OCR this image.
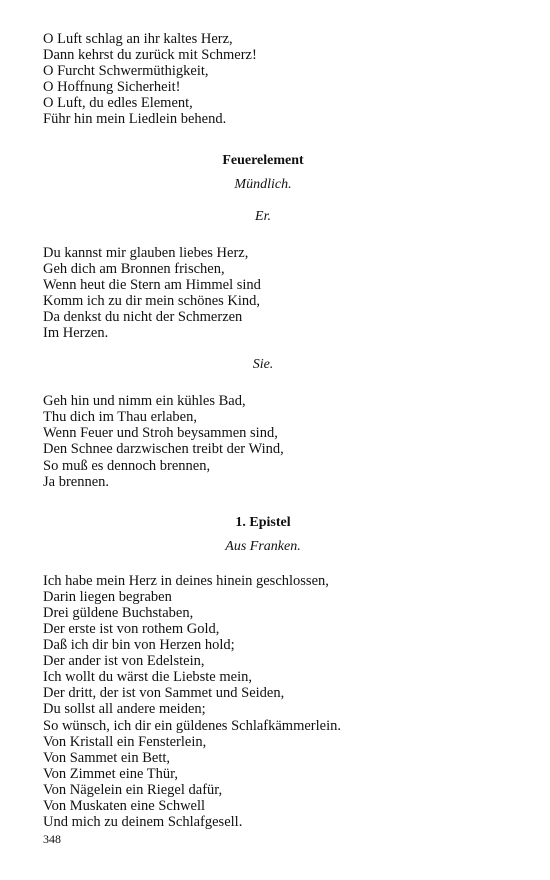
O Luft schlag an ihr kaltes Herz,
Dann kehrst du zurück mit Schmerz!
O Furcht Schwermüthigkeit,
O Hoffnung Sicherheit!
O Luft, du edles Element,
Führ hin mein Liedlein behend.
Feuerelement
Mündlich.
Er.
Du kannst mir glauben liebes Herz,
Geh dich am Bronnen frischen,
Wenn heut die Stern am Himmel sind
Komm ich zu dir mein schönes Kind,
Da denkst du nicht der Schmerzen
Im Herzen.
Sie.
Geh hin und nimm ein kühles Bad,
Thu dich im Thau erlaben,
Wenn Feuer und Stroh beysammen sind,
Den Schnee darzwischen treibt der Wind,
So muß es dennoch brennen,
Ja brennen.
1. Epistel
Aus Franken.
Ich habe mein Herz in deines hinein geschlossen,
Darin liegen begraben
Drei güldene Buchstaben,
Der erste ist von rothem Gold,
Daß ich dir bin von Herzen hold;
Der ander ist von Edelstein,
Ich wollt du wärst die Liebste mein,
Der dritt, der ist von Sammet und Seiden,
Du sollst all andere meiden;
So wünsch, ich dir ein güldenes Schlafkämmerlein.
Von Kristall ein Fensterlein,
Von Sammet ein Bett,
Von Zimmet eine Thür,
Von Nägelein ein Riegel dafür,
Von Muskaten eine Schwell
Und mich zu deinem Schlafgesell.
348
